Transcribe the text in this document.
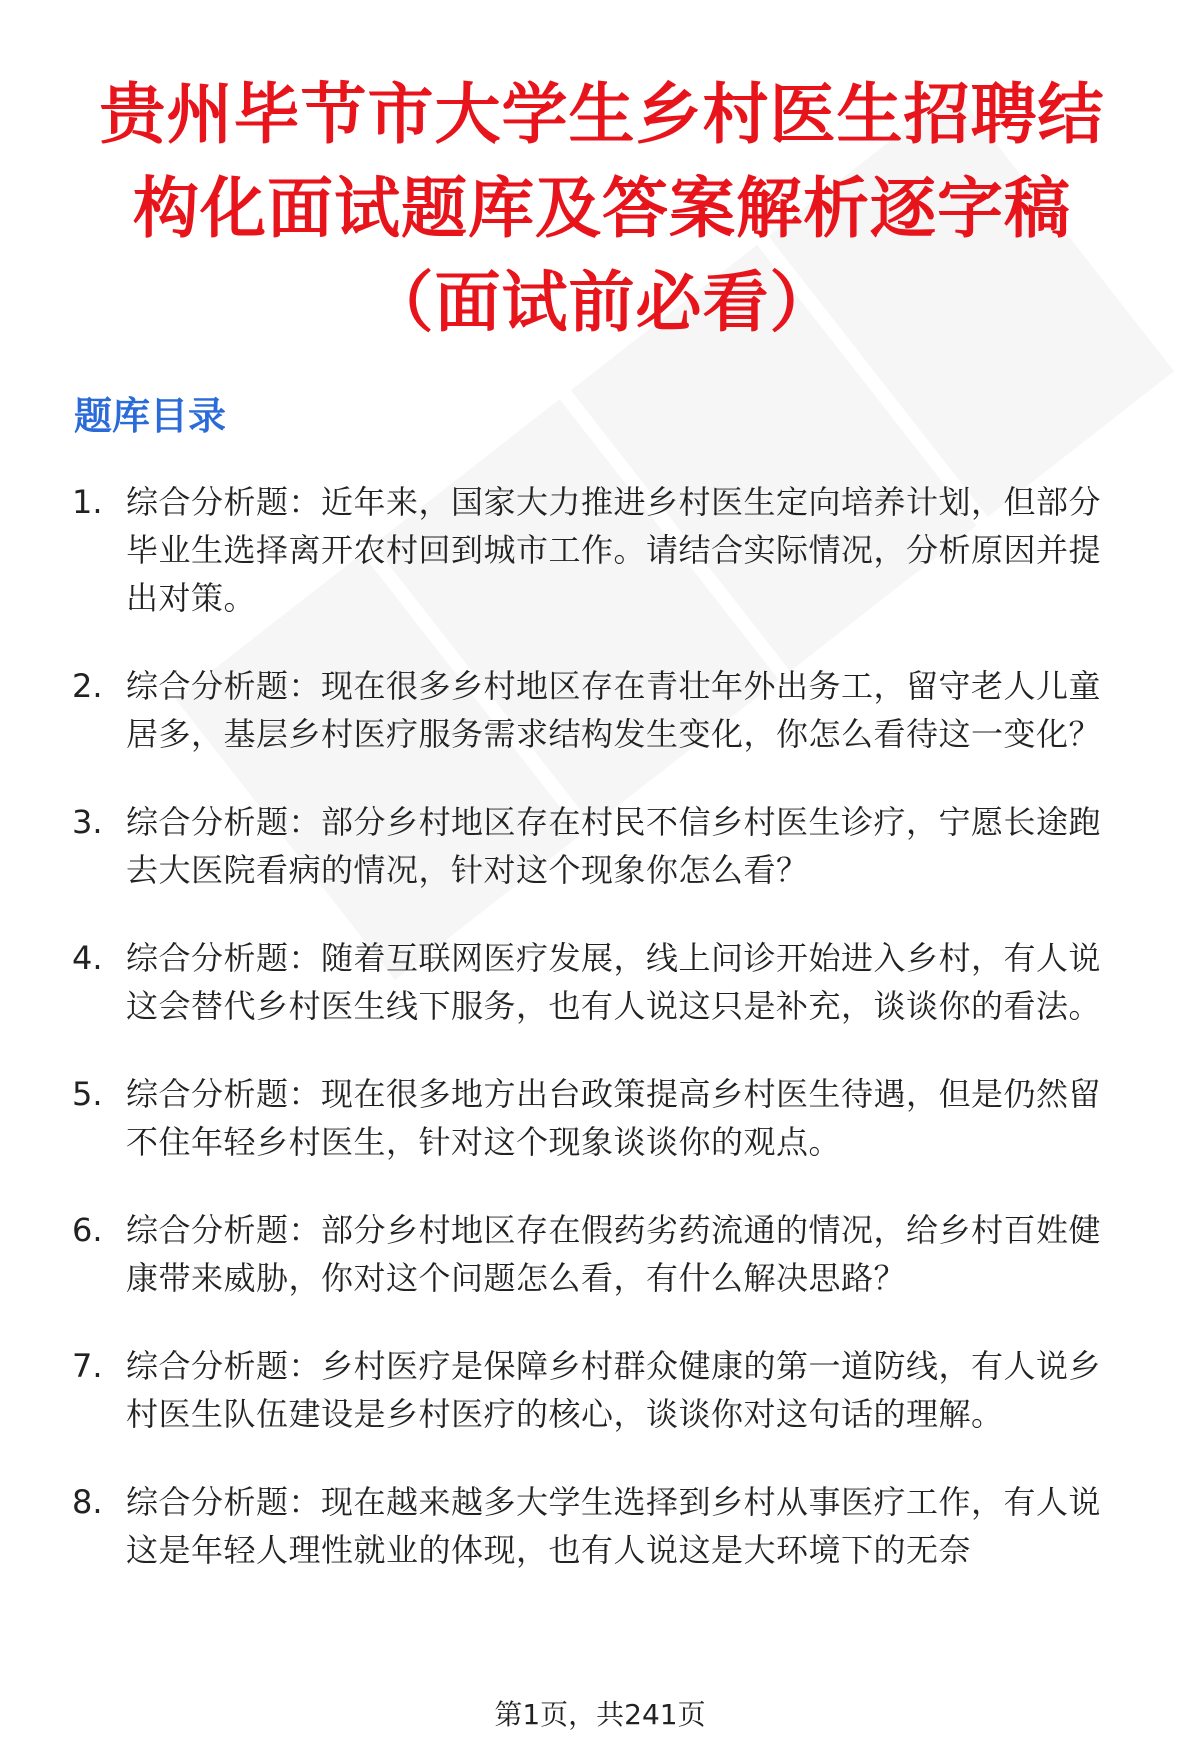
贵州毕节市大学生乡村医生招聘结构化面试题库及答案解析逐字稿（面试前必看）
题库目录
1. 综合分析题：近年来，国家大力推进乡村医生定向培养计划，但部分毕业生选择离开农村回到城市工作。请结合实际情况，分析原因并提出对策。
2. 综合分析题：现在很多乡村地区存在青壮年外出务工，留守老人儿童居多，基层乡村医疗服务需求结构发生变化，你怎么看待这一变化？
3. 综合分析题：部分乡村地区存在村民不信乡村医生诊疗，宁愿长途跑去大医院看病的情况，针对这个现象你怎么看？
4. 综合分析题：随着互联网医疗发展，线上问诊开始进入乡村，有人说这会替代乡村医生线下服务，也有人说这只是补充，谈谈你的看法。
5. 综合分析题：现在很多地方出台政策提高乡村医生待遇，但是仍然留不住年轻乡村医生，针对这个现象谈谈你的观点。
6. 综合分析题：部分乡村地区存在假药劣药流通的情况，给乡村百姓健康带来威胁，你对这个问题怎么看，有什么解决思路？
7. 综合分析题：乡村医疗是保障乡村群众健康的第一道防线，有人说乡村医生队伍建设是乡村医疗的核心，谈谈你对这句话的理解。
8. 综合分析题：现在越来越多大学生选择到乡村从事医疗工作，有人说这是年轻人理性就业的体现，也有人说这是大环境下的无奈
第1页，共241页
